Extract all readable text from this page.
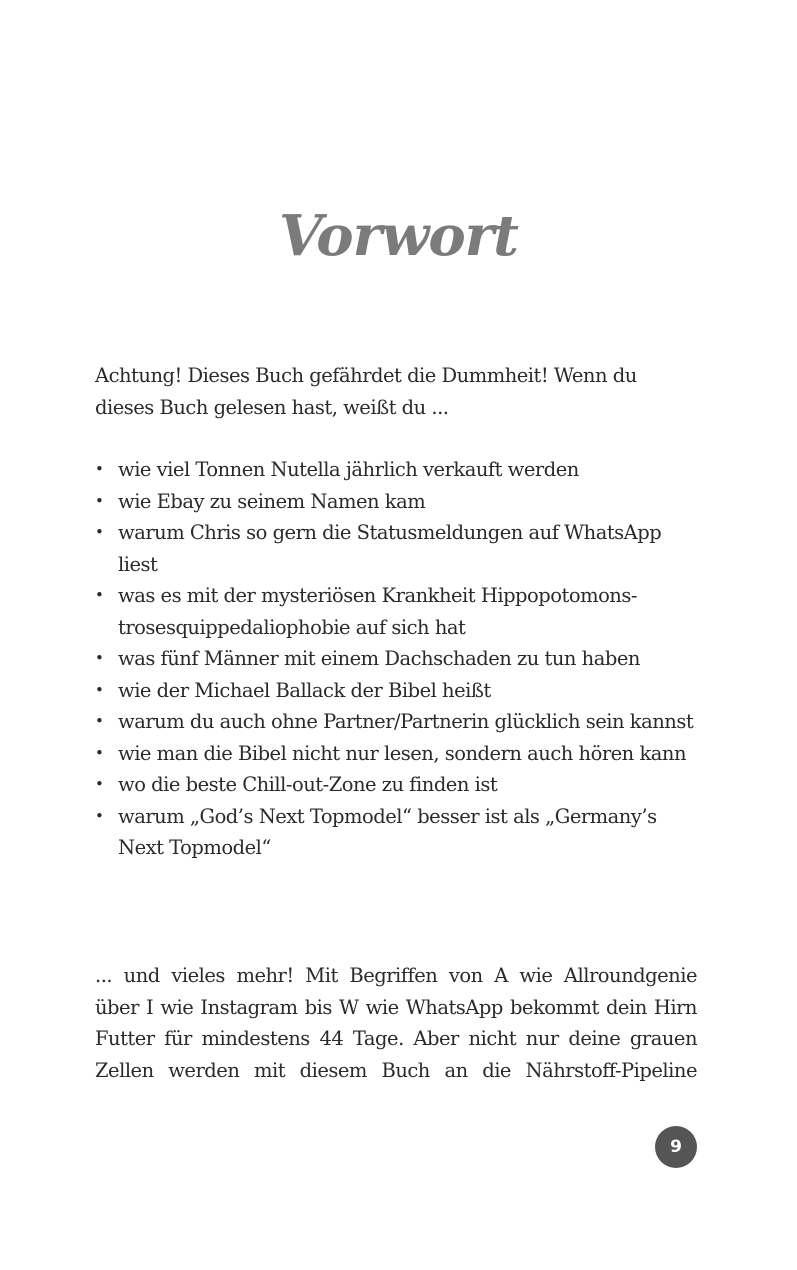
Vorwort

Achtung! Dieses Buch gefährdet die Dummheit! Wenn du dieses Buch gelesen hast, weißt du ...

• wie viel Tonnen Nutella jährlich verkauft werden
• wie Ebay zu seinem Namen kam
• warum Chris so gern die Statusmeldungen auf WhatsApp liest
• was es mit der mysteriösen Krankheit Hippopotomons-trosesquippedaliophobie auf sich hat
• was fünf Männer mit einem Dachschaden zu tun haben
• wie der Michael Ballack der Bibel heißt
• warum du auch ohne Partner/Partnerin glücklich sein kannst
• wie man die Bibel nicht nur lesen, sondern auch hören kann
• wo die beste Chill-out-Zone zu finden ist
• warum „God’s Next Topmodel“ besser ist als „Germany’s Next Topmodel“

... und vieles mehr! Mit Begriffen von A wie Allroundgenie
über I wie Instagram bis W wie WhatsApp bekommt dein Hirn
Futter für mindestens 44 Tage. Aber nicht nur deine grauen
Zellen werden mit diesem Buch an die Nährstoff-Pipeline

9
